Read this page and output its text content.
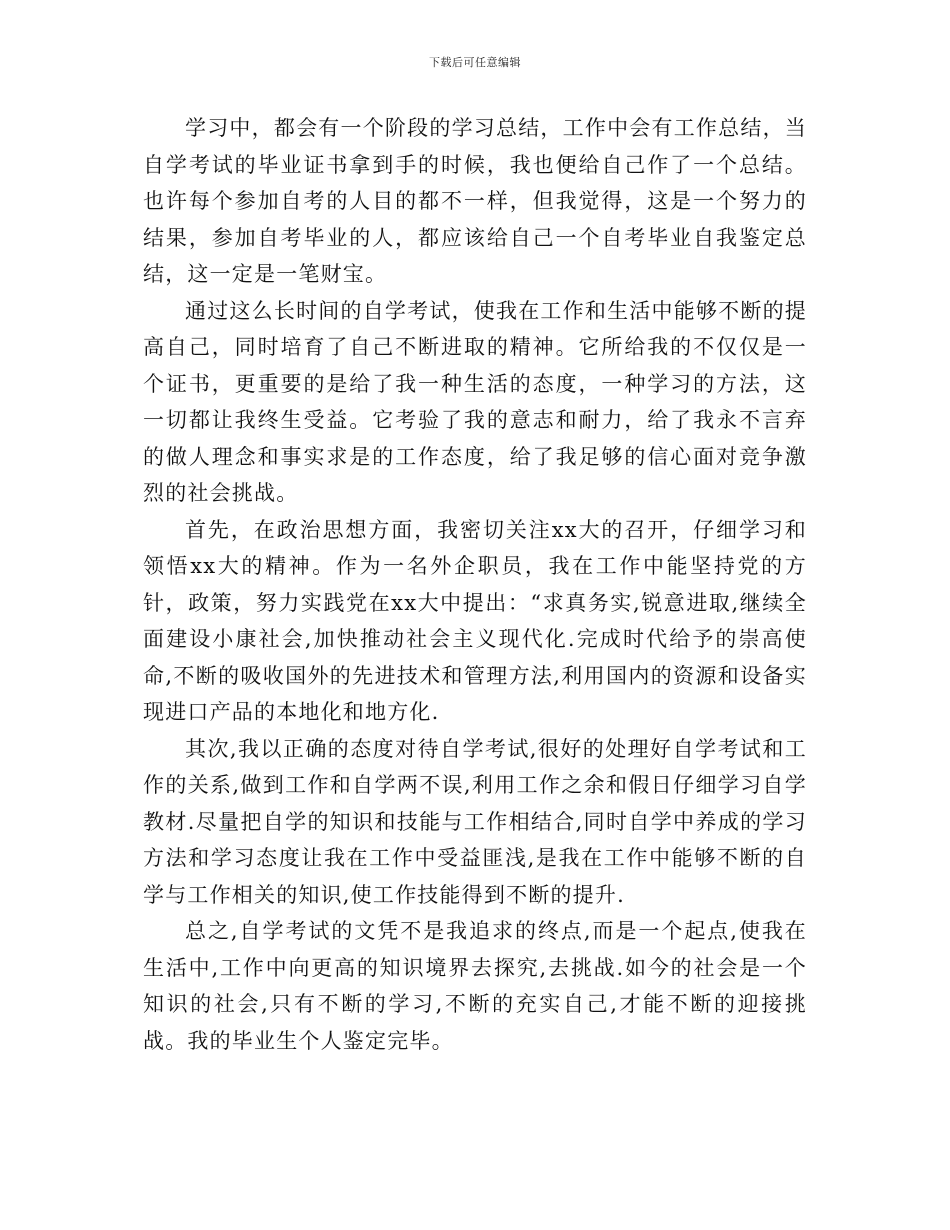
下载后可任意编辑

学习中，都会有一个阶段的学习总结，工作中会有工作总结，当自学考试的毕业证书拿到手的时候，我也便给自己作了一个总结。也许每个参加自考的人目的都不一样，但我觉得，这是一个努力的结果，参加自考毕业的人，都应该给自己一个自考毕业自我鉴定总结，这一定是一笔财宝。

通过这么长时间的自学考试，使我在工作和生活中能够不断的提高自己，同时培育了自己不断进取的精神。它所给我的不仅仅是一个证书，更重要的是给了我一种生活的态度，一种学习的方法，这一切都让我终生受益。它考验了我的意志和耐力，给了我永不言弃的做人理念和事实求是的工作态度，给了我足够的信心面对竞争激烈的社会挑战。

首先，在政治思想方面，我密切关注xx大的召开，仔细学习和领悟xx大的精神。作为一名外企职员，我在工作中能坚持党的方针，政策，努力实践党在xx大中提出：“求真务实,锐意进取,继续全面建设小康社会,加快推动社会主义现代化.完成时代给予的崇高使命,不断的吸收国外的先进技术和管理方法,利用国内的资源和设备实现进口产品的本地化和地方化.

其次,我以正确的态度对待自学考试,很好的处理好自学考试和工作的关系,做到工作和自学两不误,利用工作之余和假日仔细学习自学教材.尽量把自学的知识和技能与工作相结合,同时自学中养成的学习方法和学习态度让我在工作中受益匪浅,是我在工作中能够不断的自学与工作相关的知识,使工作技能得到不断的提升.

总之,自学考试的文凭不是我追求的终点,而是一个起点,使我在生活中,工作中向更高的知识境界去探究,去挑战.如今的社会是一个知识的社会,只有不断的学习,不断的充实自己,才能不断的迎接挑战。我的毕业生个人鉴定完毕。
